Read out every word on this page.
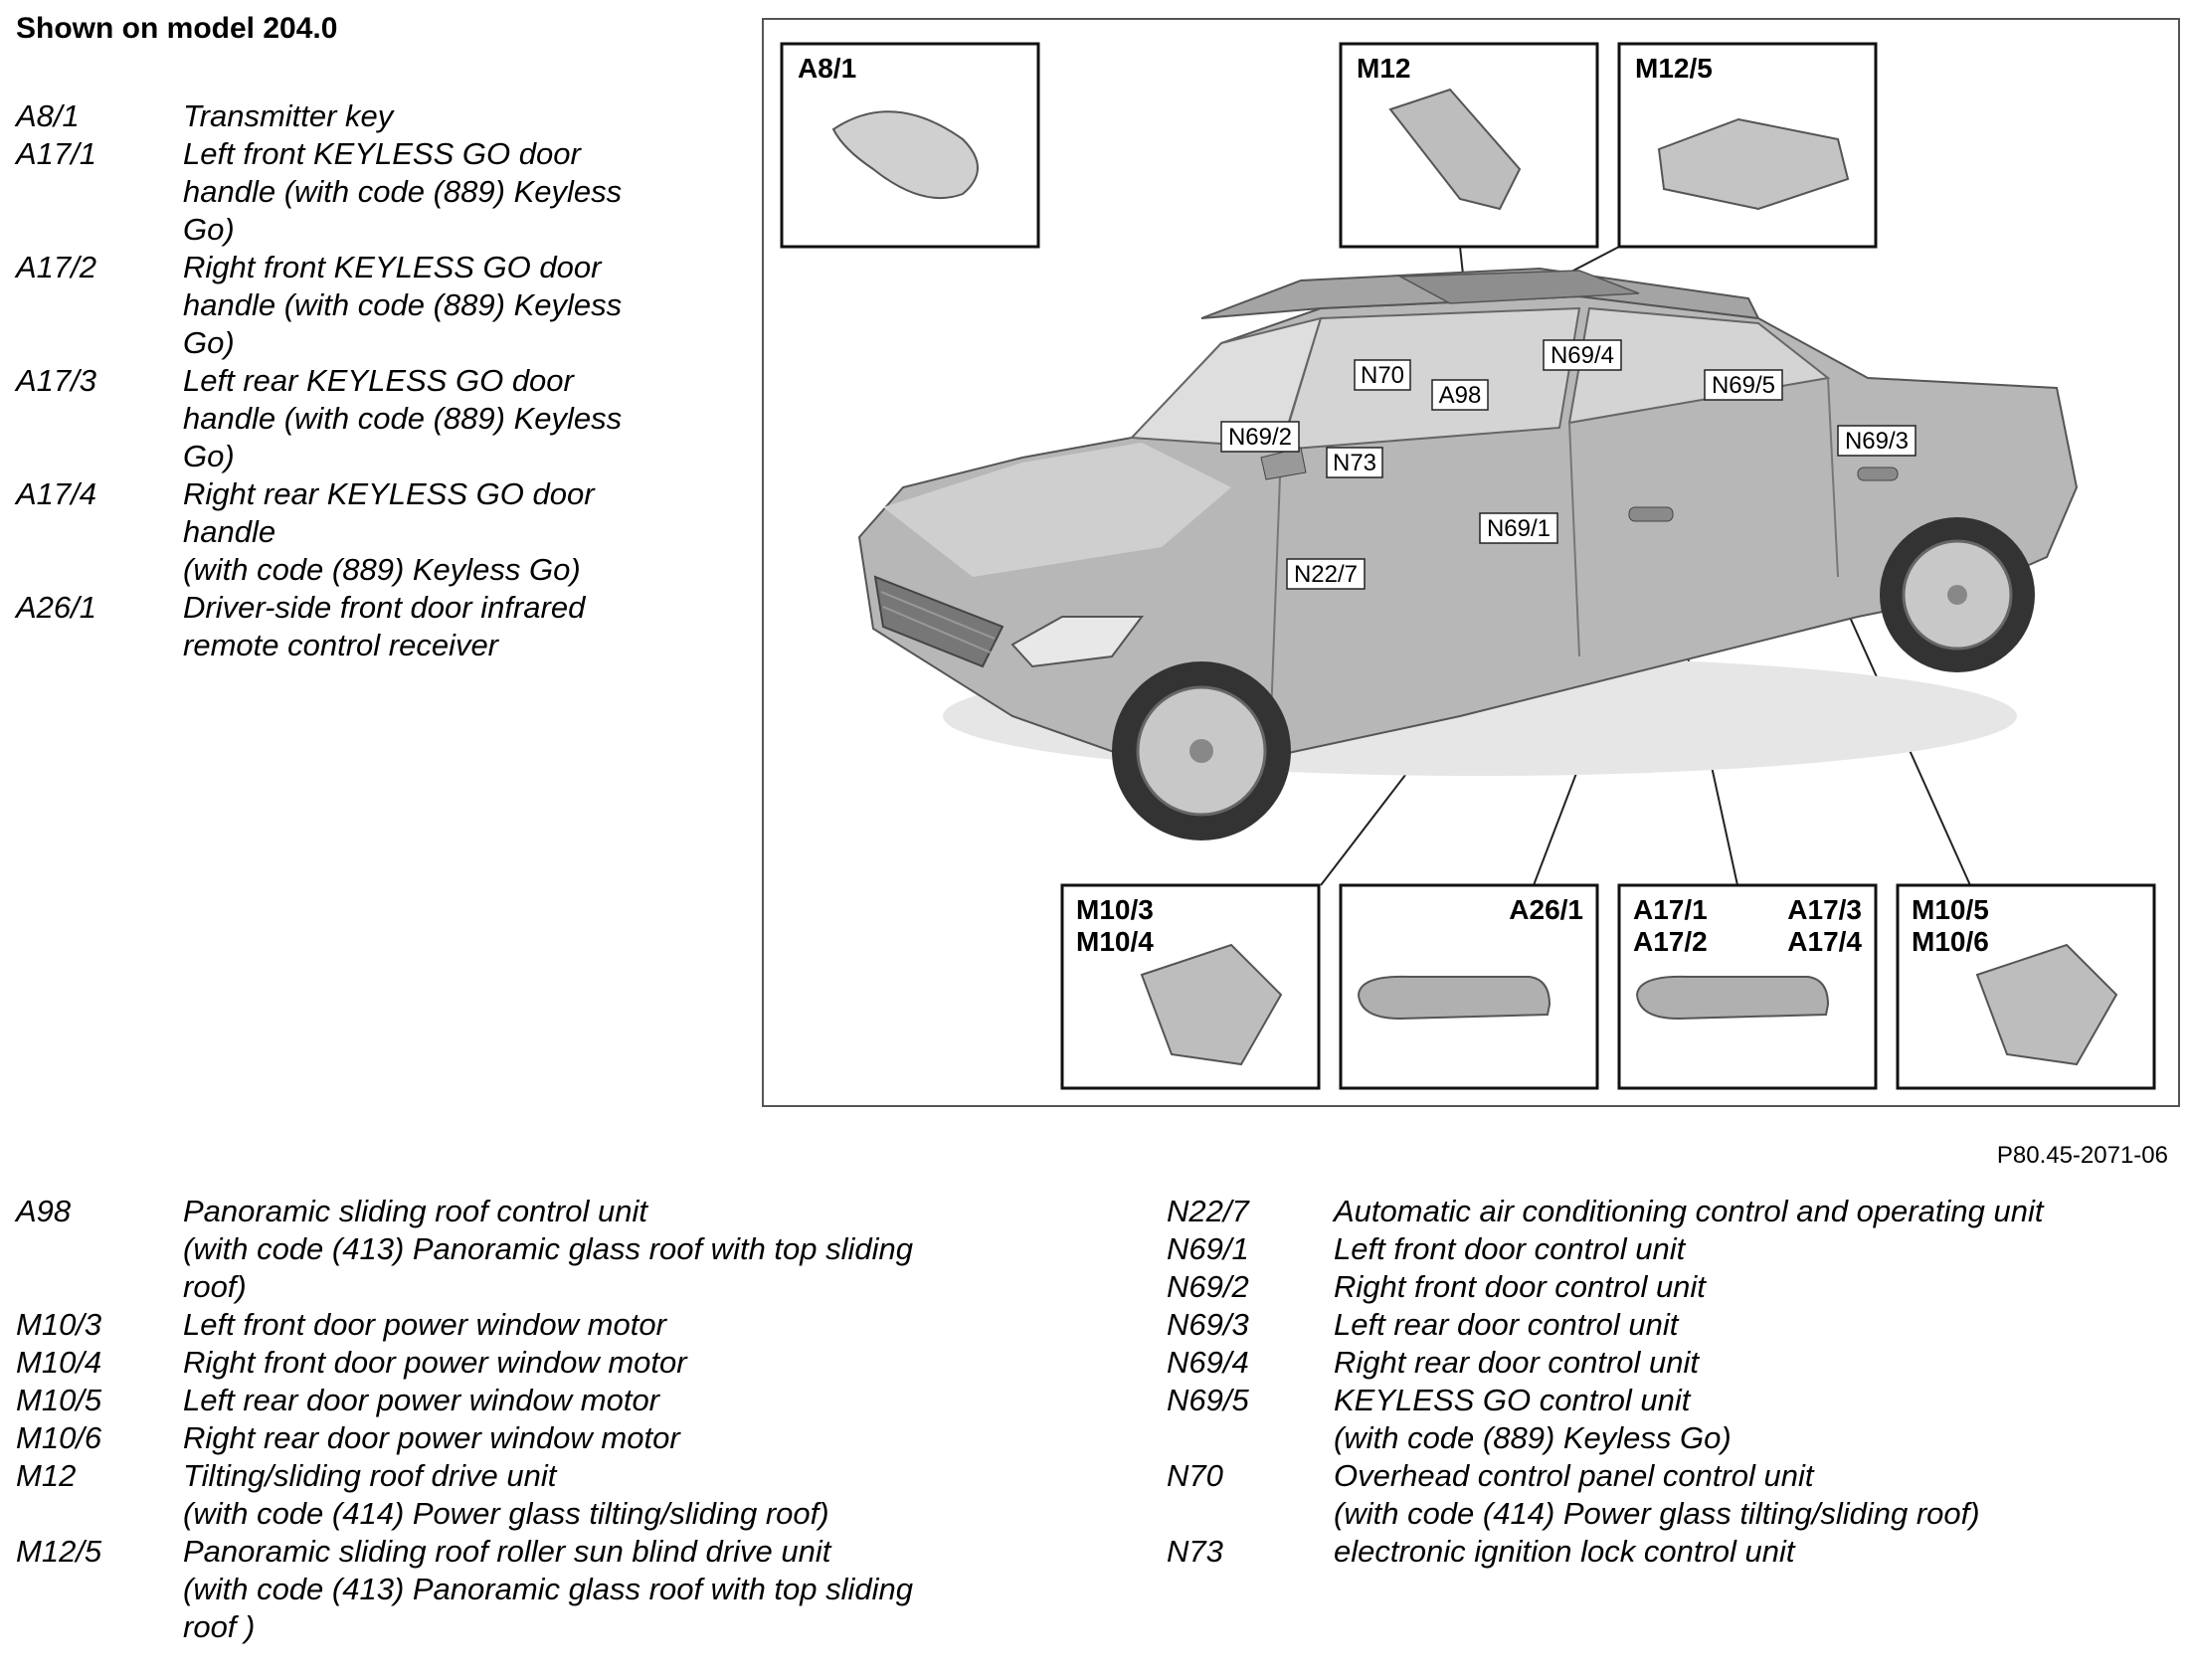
Shown on model 204.0
A8/1	Transmitter key
A17/1	Left front KEYLESS GO door
handle (with code (889) Keyless
Go)
A17/2	Right front KEYLESS GO door
handle (with code (889) Keyless
Go)
A17/3	Left rear KEYLESS GO door
handle (with code (889) Keyless
Go)
A17/4	Right rear KEYLESS GO door
handle
(with code (889) Keyless Go)
A26/1	Driver-side front door infrared
remote control receiver
N70
A98
N69/4
N69/5
N69/2
N73
N69/3
N69/1
N22/7
A8/1	M12	M12/5
M10/3
M10/4
A26/1 A17/1
A17/2
A17/3
A17/4
M10/5
M10/6
P80.45-2071-06
A98	Panoramic sliding roof control unit
(with code (413) Panoramic glass roof with top sliding
roof)
M10/3	Left front door power window motor
M10/4	Right front door power window motor
M10/5	Left rear door power window motor
M10/6	Right rear door power window motor
M12	Tilting/sliding roof drive unit
(with code (414) Power glass tilting/sliding roof)
M12/5	Panoramic sliding roof roller sun blind drive unit
(with code (413) Panoramic glass roof with top sliding
roof )
N22/7	Automatic air conditioning control and operating unit
N69/1	Left front door control unit
N69/2	Right front door control unit
N69/3	Left rear door control unit
N69/4	Right rear door control unit
N69/5	KEYLESS GO control unit
(with code (889) Keyless Go)
N70	Overhead control panel control unit
(with code (414) Power glass tilting/sliding roof)
N73	electronic ignition lock control unit
